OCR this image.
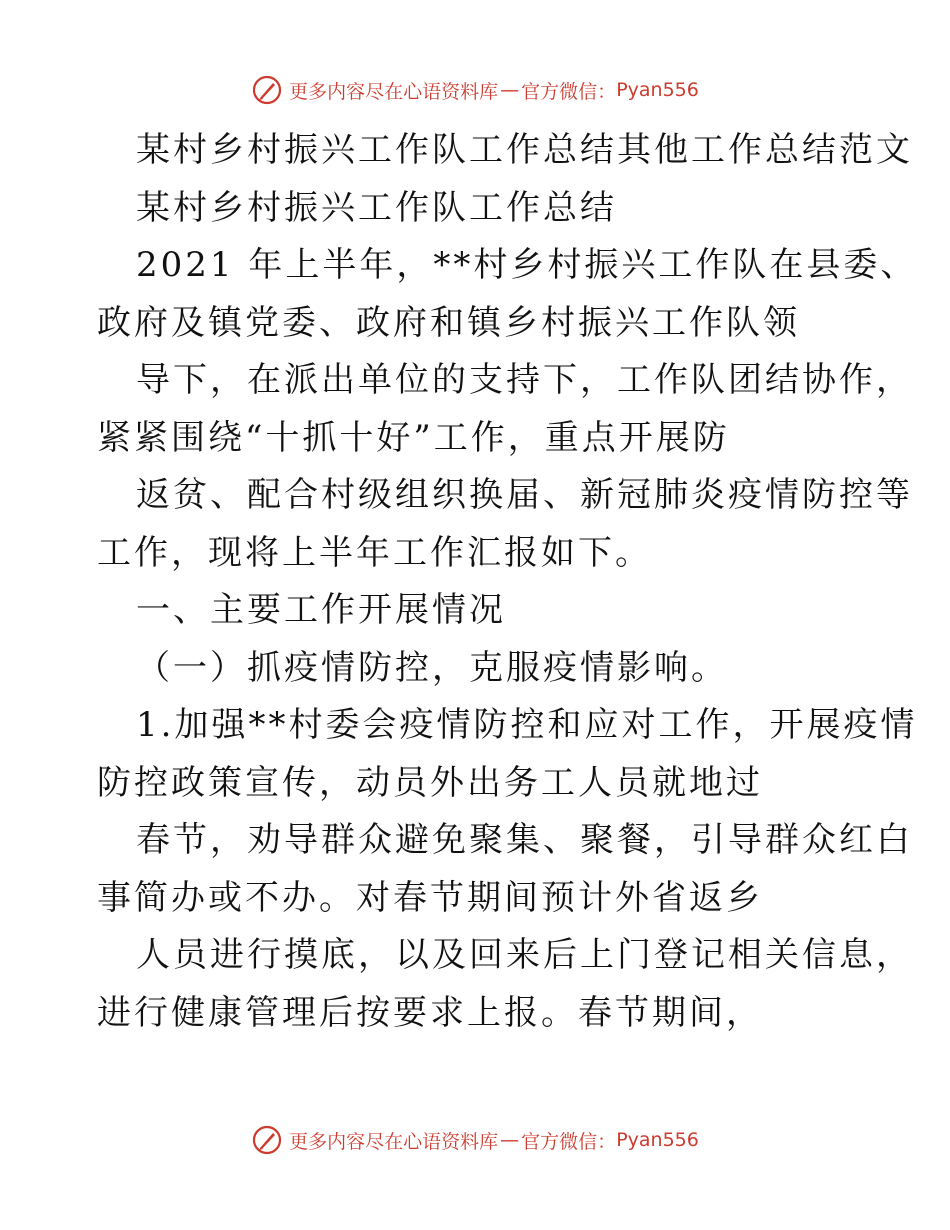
更多内容尽在心语资料库 — 官方微信： Pyan556
某村乡村振兴工作队工作总结其他工作总结范文
某村乡村振兴工作队工作总结
2021 年上半年，**村乡村振兴工作队在县委、
政府及镇党委、政府和镇乡村振兴工作队领
导下，在派出单位的支持下，工作队团结协作，
紧紧围绕“十抓十好”工作，重点开展防
返贫、配合村级组织换届、新冠肺炎疫情防控等
工作，现将上半年工作汇报如下。
一、主要工作开展情况
（一）抓疫情防控，克服疫情影响。
1.加强**村委会疫情防控和应对工作，开展疫情
防控政策宣传，动员外出务工人员就地过
春节，劝导群众避免聚集、聚餐，引导群众红白
事简办或不办。对春节期间预计外省返乡
人员进行摸底，以及回来后上门登记相关信息，
进行健康管理后按要求上报。春节期间，
更多内容尽在心语资料库 — 官方微信： Pyan556
